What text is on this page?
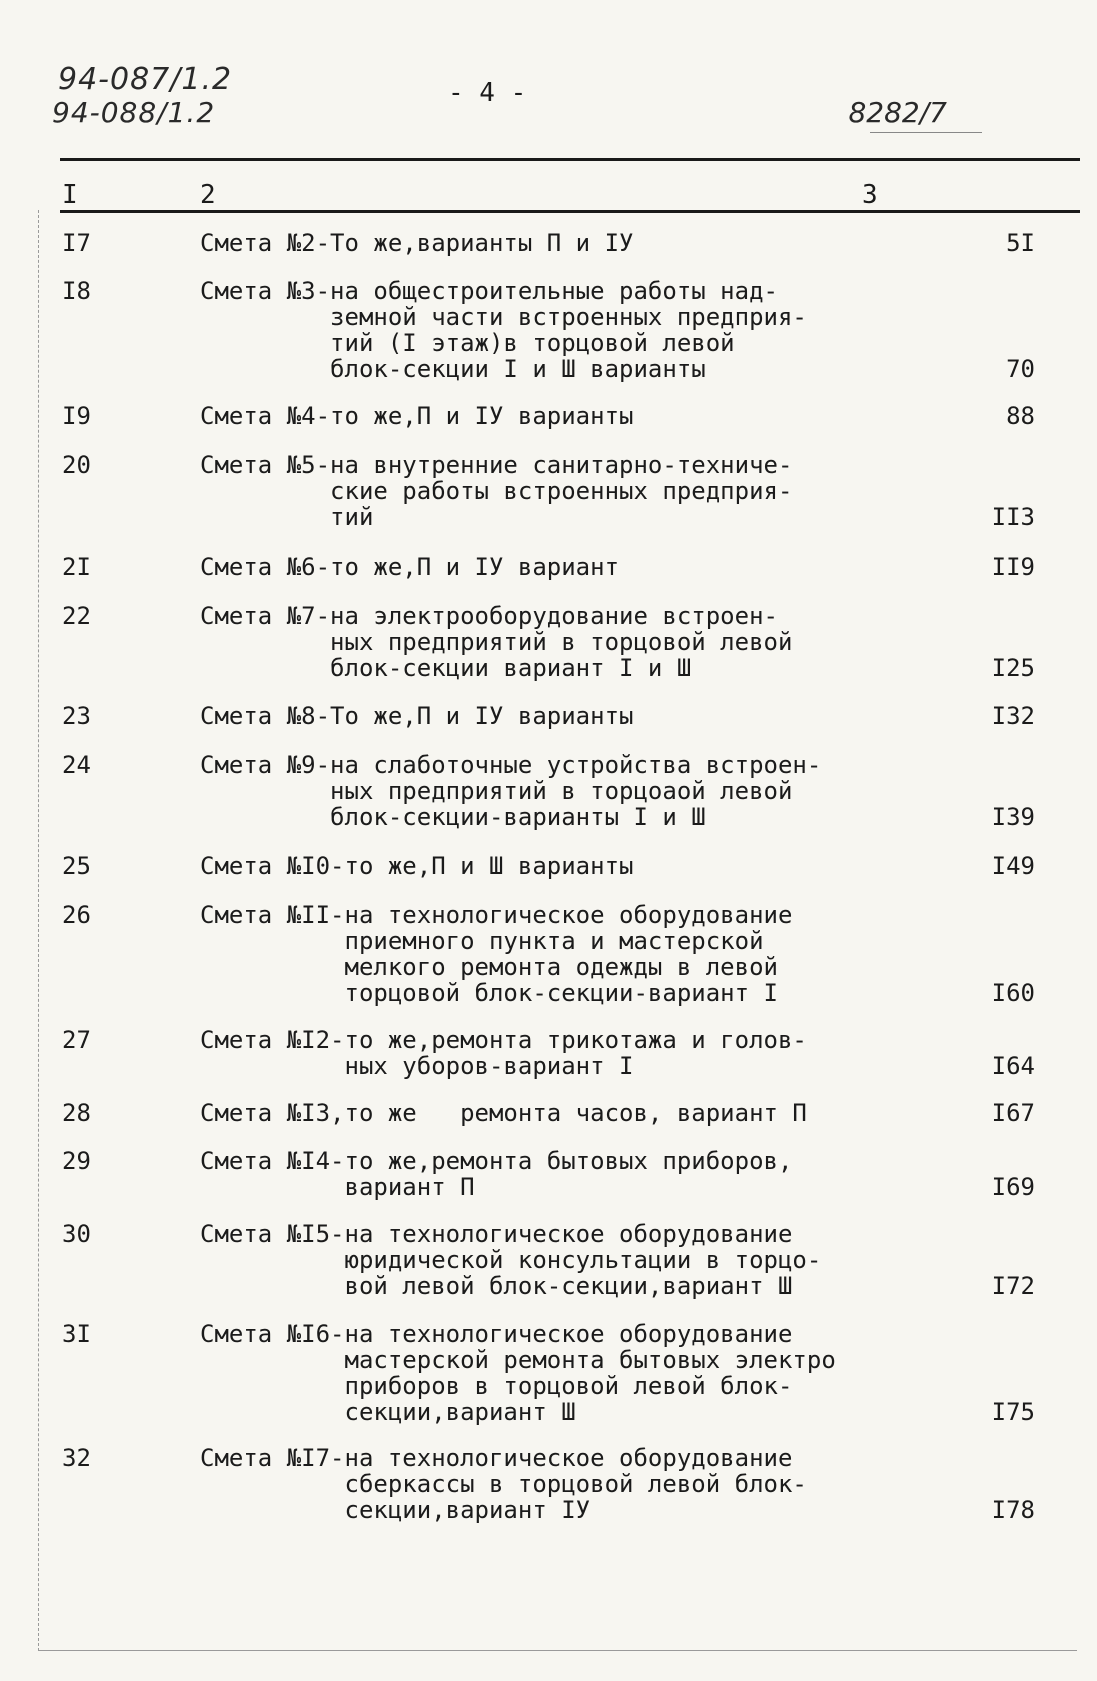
94-087/1.2
94-088/1.2
- 4 -
8282/7
I	2	3
I7	Смета №2-То же,варианты П и IУ	5I
I8	Смета №3-на общестроительные работы над-
земной части встроенных предприя-
тий (I этаж)в торцовой левой
блок-секции I и Ш варианты	70
I9	Смета №4-то же,П и IУ варианты	88
20	Смета №5-на внутренние санитарно-техниче-
ские работы встроенных предприя-
тий	II3
2I	Смета №6-то же,П и IУ вариант	II9
22	Смета №7-на электрооборудование встроен-
ных предприятий в торцовой левой
блок-секции вариант I и Ш	I25
23	Смета №8-То же,П и IУ варианты	I32
24	Смета №9-на слаботочные устройства встроен-
ных предприятий в торцоаой левой
блок-секции-варианты I и Ш	I39
25	Смета №I0-то же,П и Ш варианты	I49
26	Смета №II-на технологическое оборудование
приемного пункта и мастерской
мелкого ремонта одежды в левой
торцовой блок-секции-вариант I	I60
27	Смета №I2-то же,ремонта трикотажа и голов-
ных уборов-вариант I	I64
28	Смета №I3,то же   ремонта часов, вариант П	I67
29	Смета №I4-то же,ремонта бытовых приборов,
вариант П	I69
30	Смета №I5-на технологическое оборудование
юридической консультации в торцо-
вой левой блок-секции,вариант Ш	I72
3I	Смета №I6-на технологическое оборудование
мастерской ремонта бытовых электро
приборов в торцовой левой блок-
секции,вариант Ш	I75
32	Смета №I7-на технологическое оборудование
сберкассы в торцовой левой блок-
секции,вариант IУ	I78
